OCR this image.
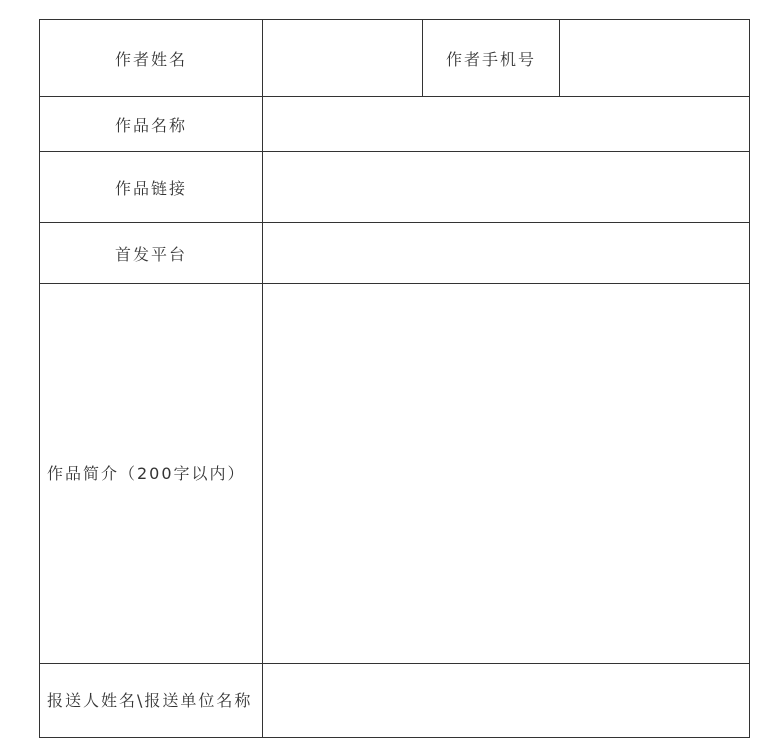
作者姓名		作者手机号	
作品名称			
作品链接			
首发平台			
作品简介（200字以内）			
报送人姓名\报送单位名称			
